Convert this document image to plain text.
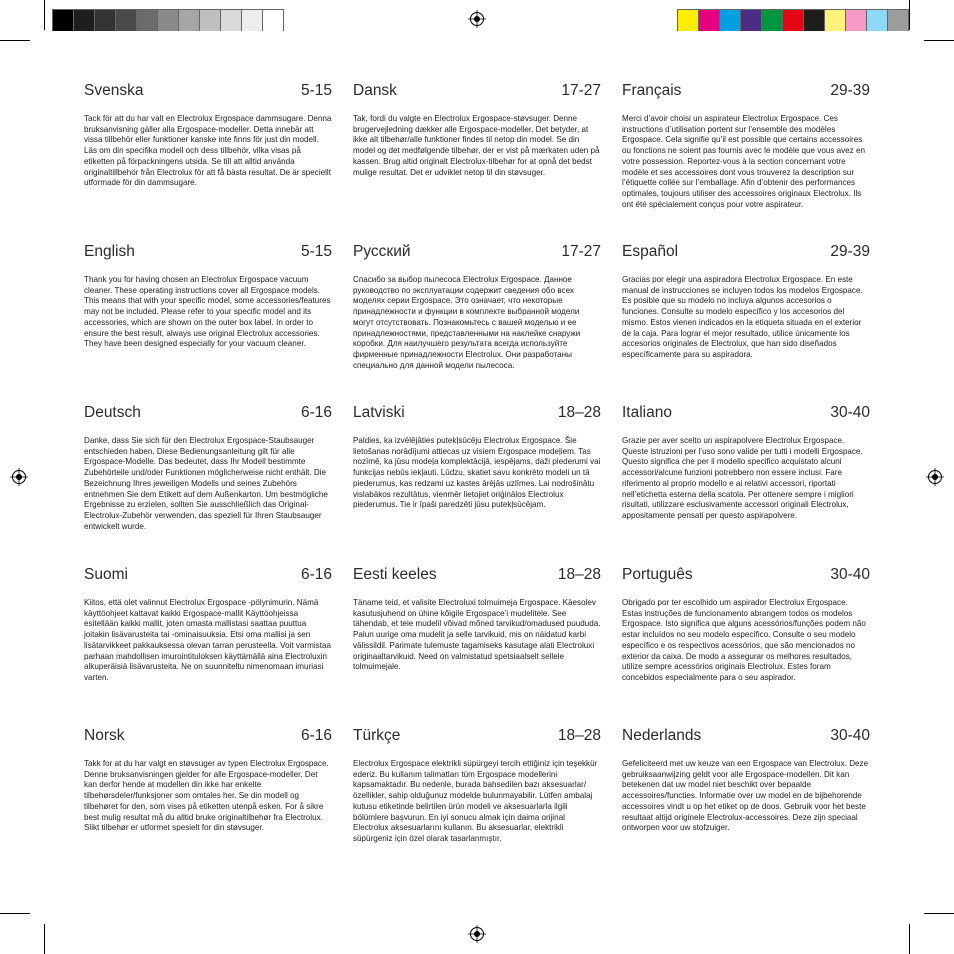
Svenska	5-15
Tack för att du har valt en Electrolux Ergospace dammsugare. Denna bruksanvisning gäller alla Ergospace-modeller. Detta innebär att vissa tillbehör eller funktioner kanske inte finns för just din modell. Läs om din specifika modell och dess tillbehör, vilka visas på etiketten på förpackningens utsida. Se till att alltid använda originaltillbehör från Electrolux för att få bästa resultat. De är speciellt utformade för din dammsugare.
Dansk	17-27
Tak, fordi du valgte en Electrolux Ergospace-støvsuger. Denne brugervejledning dækker alle Ergospace-modeller. Det betyder, at ikke alt tilbehør/alle funktioner findes til netop din model. Se din model og det medfølgende tilbehør, der er vist på mærkaten uden på kassen. Brug altid originalt Electrolux-tilbehør for at opnå det bedst mulige resultat. Det er udviklet netop til din støvsuger.
Français	29-39
Merci d’avoir choisi un aspirateur Electrolux Ergospace. Ces instructions d’utilisation portent sur l’ensemble des modèles Ergospace. Cela signifie qu’il est possible que certains accessoires ou fonctions ne soient pas fournis avec le modèle que vous avez en votre possession. Reportez-vous à la section concernant votre modèle et ses accessoires dont vous trouverez la description sur l’étiquette collée sur l’emballage. Afin d’obtenir des performances optimales, toujours utiliser des accessoires originaux Electrolux. Ils ont été spécialement conçus pour votre aspirateur.
English	5-15
Thank you for having chosen an Electrolux Ergospace vacuum cleaner. These operating instructions cover all Ergospace models. This means that with your specific model, some accessories/features may not be included. Please refer to your specific model and its accessories, which are shown on the outer box label. In order to ensure the best result, always use original Electrolux accessories. They have been designed especially for your vacuum cleaner.
Русский	17-27
Спасибо за выбор пылесоса Electrolux Ergospace. Данное руководство по эксплуатации содержит сведения обо всех моделях серии Ergospace. Это означает, что некоторые принадлежности и функции в комплекте выбранной модели могут отсутствовать. Познакомьтесь с вашей моделью и ее принадлежностями, представленными на наклейке снаружи коробки. Для наилучшего результата всегда используйте фирменные принадлежности Electrolux. Они разработаны специально для данной модели пылесоса.
Español	29-39
Gracias por elegir una aspiradora Electrolux Ergospace. En este manual de instrucciones se incluyen todos los modelos Ergospace. Es posible que su modelo no incluya algunos accesorios o funciones. Consulte su modelo específico y los accesorios del mismo. Estos vienen indicados en la etiqueta situada en el exterior de la caja. Para lograr el mejor resultado, utilice únicamente los accesorios originales de Electrolux, que han sido diseñados específicamente para su aspiradora.
Deutsch	6-16
Danke, dass Sie sich für den Electrolux Ergospace-Staubsauger entschieden haben. Diese Bedienungsanleitung gilt für alle Ergospace-Modelle. Das bedeutet, dass Ihr Modell bestimmte Zubehörteile und/oder Funktionen möglicherweise nicht enthält. Die Bezeichnung Ihres jeweiligen Modells und seines Zubehörs entnehmen Sie dem Etikett auf dem Außenkarton. Um bestmögliche Ergebnisse zu erzielen, sollten Sie ausschließlich das Original-Electrolux-Zubehör verwenden, das speziell für Ihren Staubsauger entwickelt wurde.
Latviski	18–28
Paldies, ka izvēlējāties putekļsūcēju Electrolux Ergospace. Šie lietošanas norādījumi attiecas uz visiem Ergospace modeļiem. Tas nozīmē, ka jūsu modeļa komplektācijā, iespējams, daži piederumi vai funkcijas nebūs iekļauti. Lūdzu, skatiet savu konkrēto modeli un tā piederumus, kas redzami uz kastes ārējās uzlīmes. Lai nodrošinātu vislabākos rezultātus, vienmēr lietojiet oriģinālos Electrolux piederumus. Tie ir īpaši paredzēti jūsu putekļsūcējam.
Italiano	30-40
Grazie per aver scelto un aspirapolvere Electrolux Ergospace. Queste istruzioni per l’uso sono valide per tutti i modelli Ergospace. Questo significa che per il modello specifico acquistato alcuni accessori/alcune funzioni potrebbero non essere inclusi. Fare riferimento al proprio modello e ai relativi accessori, riportati nell’etichetta esterna della scatola. Per ottenere sempre i migliori risultati, utilizzare esclusivamente accessori originali Electrolux, appositamente pensati per questo aspirapolvere.
Suomi	6-16
Kiitos, että olet valinnut Electrolux Ergospace -pölynimurin. Nämä käyttöohjeet kattavat kaikki Ergospace-mallit Käyttöohjeissa esitellään kaikki mallit, joten omasta mallistasi saattaa puuttua joitakin lisävarusteita tai -ominaisuuksia. Etsi oma mallisi ja sen lisätarvikkeet pakkauksessa olevan tarran perusteella. Voit varmistaa parhaan mahdollisen imurointituloksen käyttämällä aina Electroluxin alkuperäisiä lisävarusteita. Ne on suunniteltu nimenomaan imuriasi varten.
Eesti keeles	18–28
Täname teid, et valisite Electroluxi tolmuimeja Ergospace. Käesolev kasutusjuhend on ühine kõigile Ergospace’i mudelitele. See tähendab, et teie mudelil võivad mõned tarvikud/omadused puududa. Palun uurige oma mudelit ja selle tarvikuid, mis on näidatud karbi välissildil. Parimate tulemuste tagamiseks kasutage alati Electroluxi originaaltarvikuid. Need on valmistatud spetsiaalselt sellele tolmuimejale.
Português	30-40
Obrigado por ter escolhido um aspirador Electrolux Ergospace. Estas instruções de funcionamento abrangem todos os modelos Ergospace. Isto significa que alguns acessórios/funções podem não estar incluídos no seu modelo específico. Consulte o seu modelo específico e os respectivos acessórios, que são mencionados no exterior da caixa. De modo a assegurar os melhores resultados, utilize sempre acessórios originais Electrolux. Estes foram concebidos especialmente para o seu aspirador.
Norsk	6-16
Takk for at du har valgt en støvsuger av typen Electrolux Ergospace. Denne bruksanvisningen gjelder for alle Ergospace-modeller. Det kan derfor hende at modellen din ikke har enkelte tilbehørsdeler/funksjoner som omtales her. Se din modell og tilbehøret for den, som vises på etiketten utenpå esken. For å sikre best mulig resultat må du alltid bruke originaltilbehør fra Electrolux. Slikt tilbehør er utformet spesielt for din støvsuger.
Türkçe	18–28
Electrolux Ergospace elektrikli süpürgeyi tercih ettiğiniz için teşekkür ederiz. Bu kullanım talimatları tüm Ergospace modellerini kapsamaktadır. Bu nedenle, burada bahsedilen bazı aksesuarlar/özellikler, sahip olduğunuz modelde bulunmayabilir. Lütfen ambalaj kutusu etiketinde belirtilen ürün modeli ve aksesuarlarla ilgili bölümlere başvurun. En iyi sonucu almak için daima orijinal Electrolux aksesuarlarını kullanın. Bu aksesuarlar, elektrikli süpürgeniz için özel olarak tasarlanmıştır.
Nederlands	30-40
Gefeliciteerd met uw keuze van een Ergospace van Electrolux. Deze gebruiksaanwijzing geldt voor alle Ergospace-modellen. Dit kan betekenen dat uw model niet beschikt over bepaalde accessoires/functies. Informatie over uw model en de bijbehorende accessoires vindt u op het etiket op de doos. Gebruik voor het beste resultaat altijd originele Electrolux-accessoires. Deze zijn speciaal ontworpen voor uw stofzuiger.
